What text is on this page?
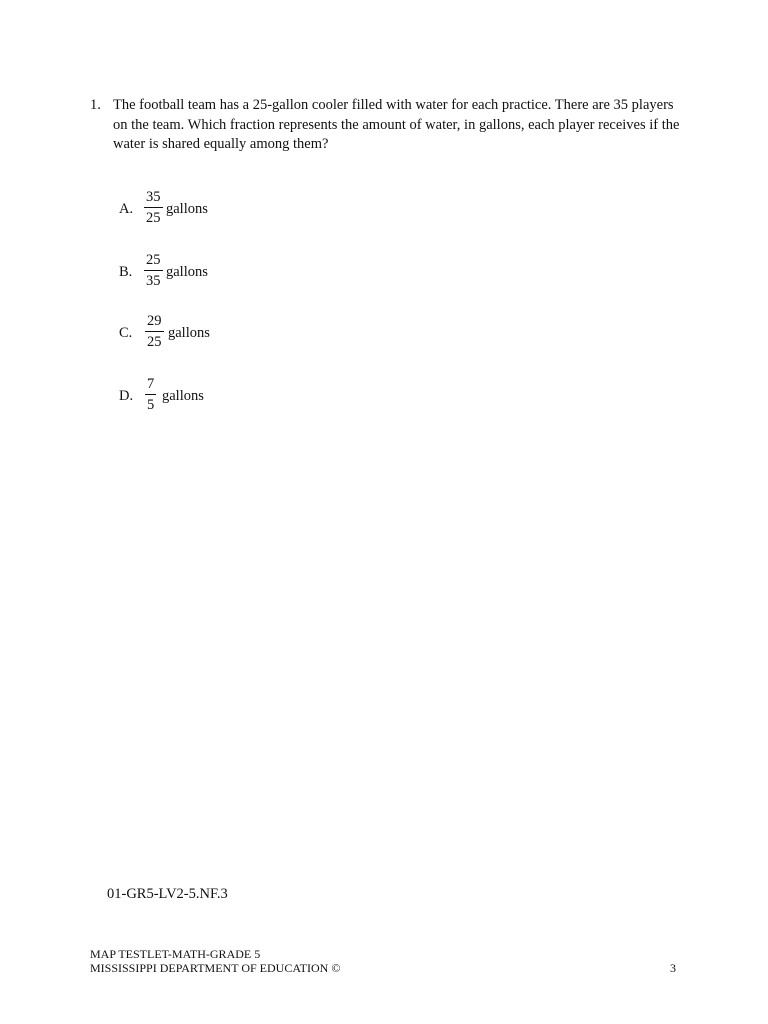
1. The football team has a 25-gallon cooler filled with water for each practice. There are 35 players on the team. Which fraction represents the amount of water, in gallons, each player receives if the water is shared equally among them?
A.
35
25
gallons
B.
25
35
gallons
C.
29
25
gallons
D.
7
5
gallons
01-GR5-LV2-5.NF.3
MAP TESTLET-MATH-GRADE 5
MISSISSIPPI DEPARTMENT OF EDUCATION ©	3
